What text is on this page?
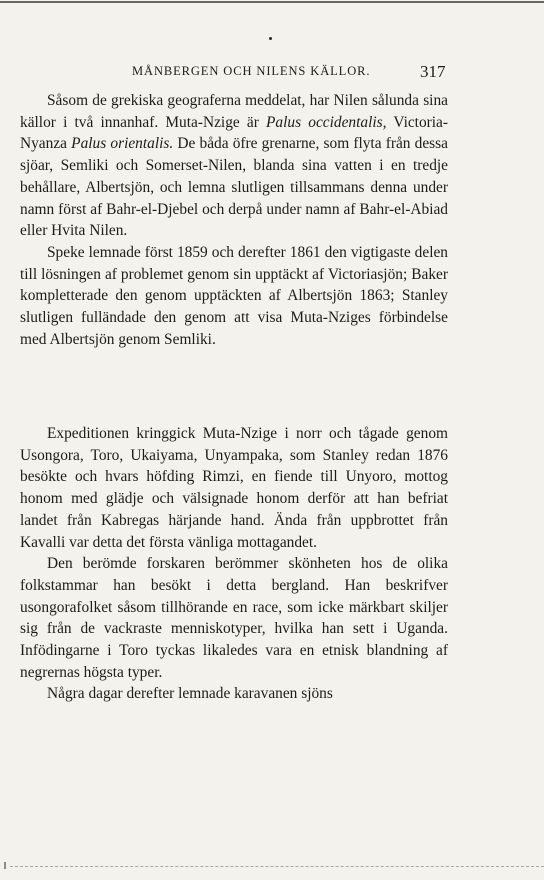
MÅNBERGEN OCH NILENS KÄLLOR.	317

Såsom de grekiska geograferna meddelat, har Nilen sålunda sina källor i två innanhaf. Muta-Nzige är Palus occidentalis, Victoria-Nyanza Palus orientalis. De båda öfre grenarne, som flyta från dessa sjöar, Semliki och Somerset-Nilen, blanda sina vatten i en tredje behållare, Albertsjön, och lemna slutligen tillsammans denna under namn först af Bahr-el-Djebel och derpå under namn af Bahr-el-Abiad eller Hvita Nilen.

Speke lemnade först 1859 och derefter 1861 den vigtigaste delen till lösningen af problemet genom sin upptäckt af Victoriasjön; Baker kompletterade den genom upptäckten af Albertsjön 1863; Stanley slutligen fulländade den genom att visa Muta-Nziges förbindelse med Albertsjön genom Semliki.

Expeditionen kringgick Muta-Nzige i norr och tågade genom Usongora, Toro, Ukaiyama, Unyampaka, som Stanley redan 1876 besökte och hvars höfding Rimzi, en fiende till Unyoro, mottog honom med glädje och välsignade honom derför att han befriat landet från Kabregas härjande hand. Ända från uppbrottet från Kavalli var detta det första vänliga mottagandet.

Den berömde forskaren berömmer skönheten hos de olika folkstammar han besökt i detta bergland. Han beskrifver usongorafolket såsom tillhörande en race, som icke märkbart skiljer sig från de vackraste menniskotyper, hvilka han sett i Uganda. Infödingarne i Toro tyckas likaledes vara en etnisk blandning af negrernas högsta typer.

Några dagar derefter lemnade karavanen sjöns
